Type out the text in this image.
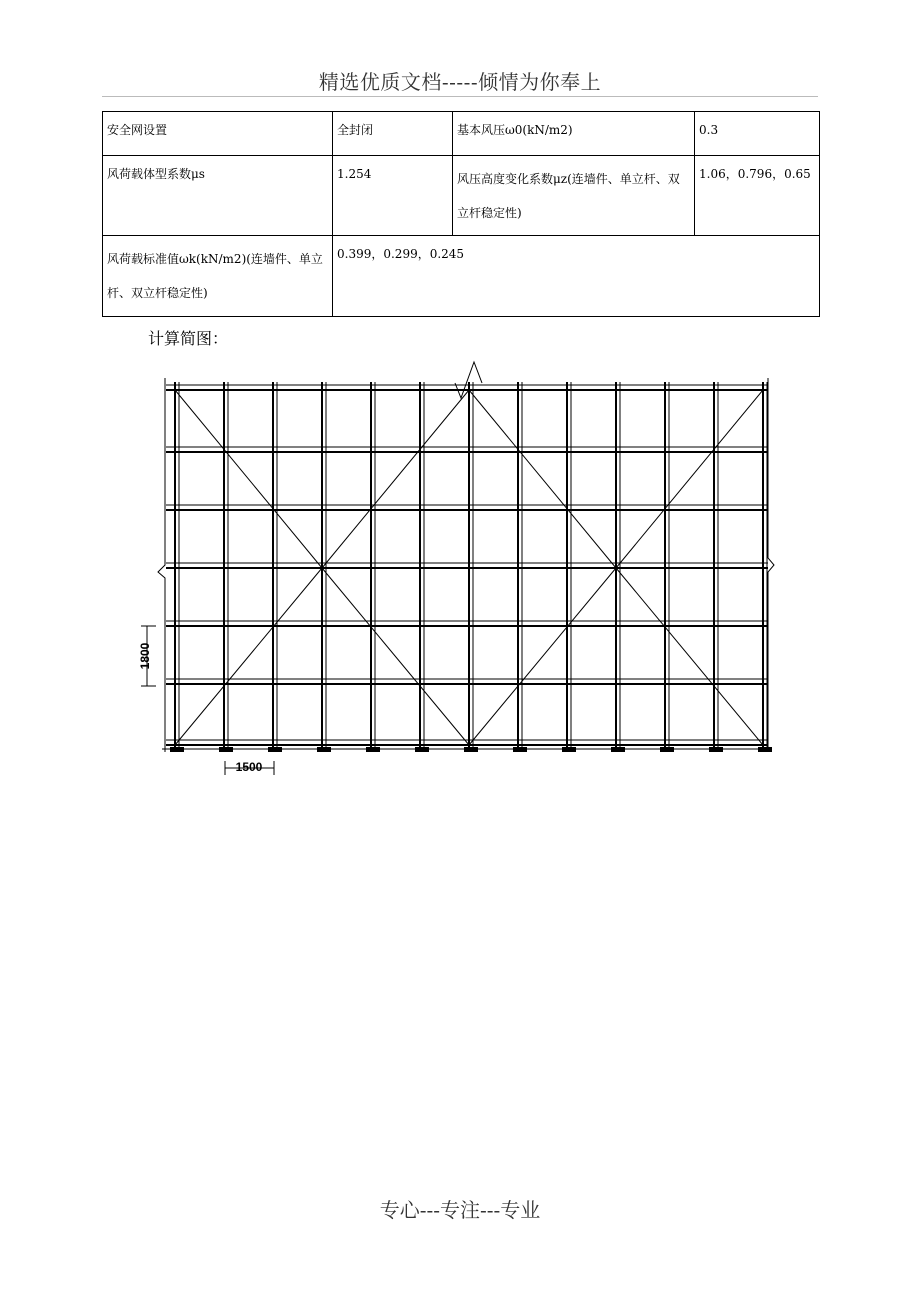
精选优质文档-----倾情为你奉上
安全网设置	全封闭	基本风压ω0(kN/m2)	0.3
风荷载体型系数μs	1.254	风压高度变化系数μz(连墙件、单立杆、双立杆稳定性)	1.06，0.796，0.65
风荷载标准值ωk(kN/m2)(连墙件、单立杆、双立杆稳定性)	0.399，0.299，0.245		
计算简图：
1800
1500
专心---专注---专业
